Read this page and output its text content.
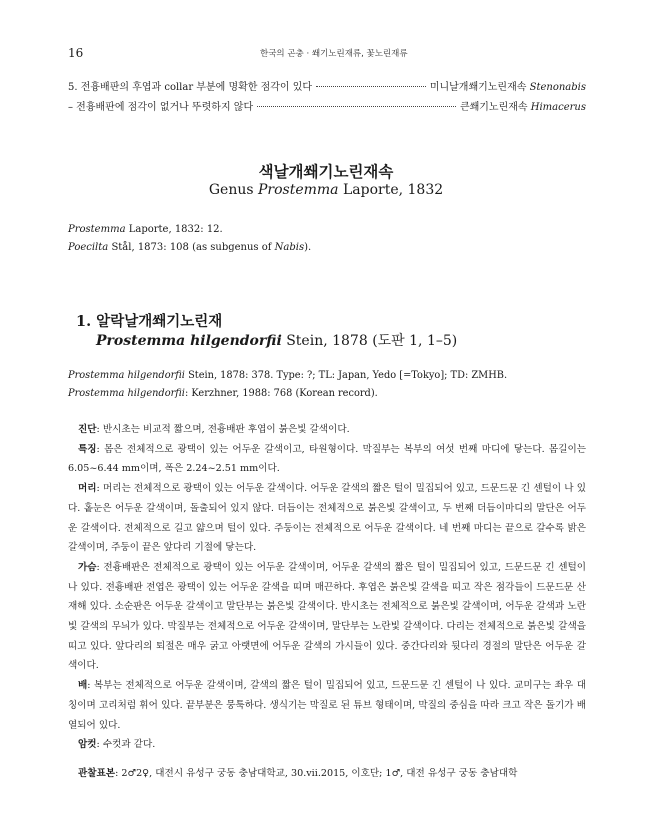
16	한국의 곤충 · 쐐기노린재류, 꽃노린재류
5. 전흉배판의 후엽과 collar 부분에 명확한 점각이 있다	미니날개쐐기노린재속 Stenonabis
– 전흉배판에 점각이 없거나 뚜렷하지 않다	큰쐐기노린재속 Himacerus
색날개쐐기노린재속
Genus Prostemma Laporte, 1832
Prostemma Laporte, 1832: 12.
Poecilta Stål, 1873: 108 (as subgenus of Nabis).
1. 알락날개쐐기노린재
Prostemma hilgendorfii Stein, 1878 (도판 1, 1–5)
Prostemma hilgendorfii Stein, 1878: 378. Type: ?; TL: Japan, Yedo [=Tokyo]; TD: ZMHB.
Prostemma hilgendorfii: Kerzhner, 1988: 768 (Korean record).

진단: 반시초는 비교적 짧으며, 전흉배판 후엽이 붉은빛 갈색이다.

특징: 몸은 전체적으로 광택이 있는 어두운 갈색이고, 타원형이다. 막질부는 복부의 여섯 번째 마디에 닿는다. 몸길이는 6.05~6.44 mm이며, 폭은 2.24~2.51 mm이다.

머리: 머리는 전체적으로 광택이 있는 어두운 갈색이다. 어두운 갈색의 짧은 털이 밀집되어 있고, 드문드문 긴 센털이 나 있다. 홑눈은 어두운 갈색이며, 돌출되어 있지 않다. 더듬이는 전체적으로 붉은빛 갈색이고, 두 번째 더듬이마디의 말단은 어두운 갈색이다. 전체적으로 길고 얇으며 털이 있다. 주둥이는 전체적으로 어두운 갈색이다. 네 번째 마디는 끝으로 갈수록 밝은 갈색이며, 주둥이 끝은 앞다리 기절에 닿는다.

가슴: 전흉배판은 전체적으로 광택이 있는 어두운 갈색이며, 어두운 갈색의 짧은 털이 밀집되어 있고, 드문드문 긴 센털이 나 있다. 전흉배판 전엽은 광택이 있는 어두운 갈색을 띠며 매끈하다. 후엽은 붉은빛 갈색을 띠고 작은 점각들이 드문드문 산재해 있다. 소순판은 어두운 갈색이고 말단부는 붉은빛 갈색이다. 반시초는 전체적으로 붉은빛 갈색이며, 어두운 갈색과 노란빛 갈색의 무늬가 있다. 막질부는 전체적으로 어두운 갈색이며, 말단부는 노란빛 갈색이다. 다리는 전체적으로 붉은빛 갈색을 띠고 있다. 앞다리의 퇴절은 매우 굵고 아랫면에 어두운 갈색의 가시들이 있다. 중간다리와 뒷다리 경절의 말단은 어두운 갈색이다.

배: 복부는 전체적으로 어두운 갈색이며, 갈색의 짧은 털이 밀집되어 있고, 드문드문 긴 센털이 나 있다. 교미구는 좌우 대칭이며 고리처럼 휘어 있다. 끝부분은 뭉툭하다. 생식기는 막질로 된 튜브 형태이며, 막질의 중심을 따라 크고 작은 돌기가 배열되어 있다.

암컷: 수컷과 같다.

관찰표본: 2♂2♀, 대전시 유성구 궁동 충남대학교, 30.vii.2015, 이호단; 1♂, 대전 유성구 궁동 충남대학
